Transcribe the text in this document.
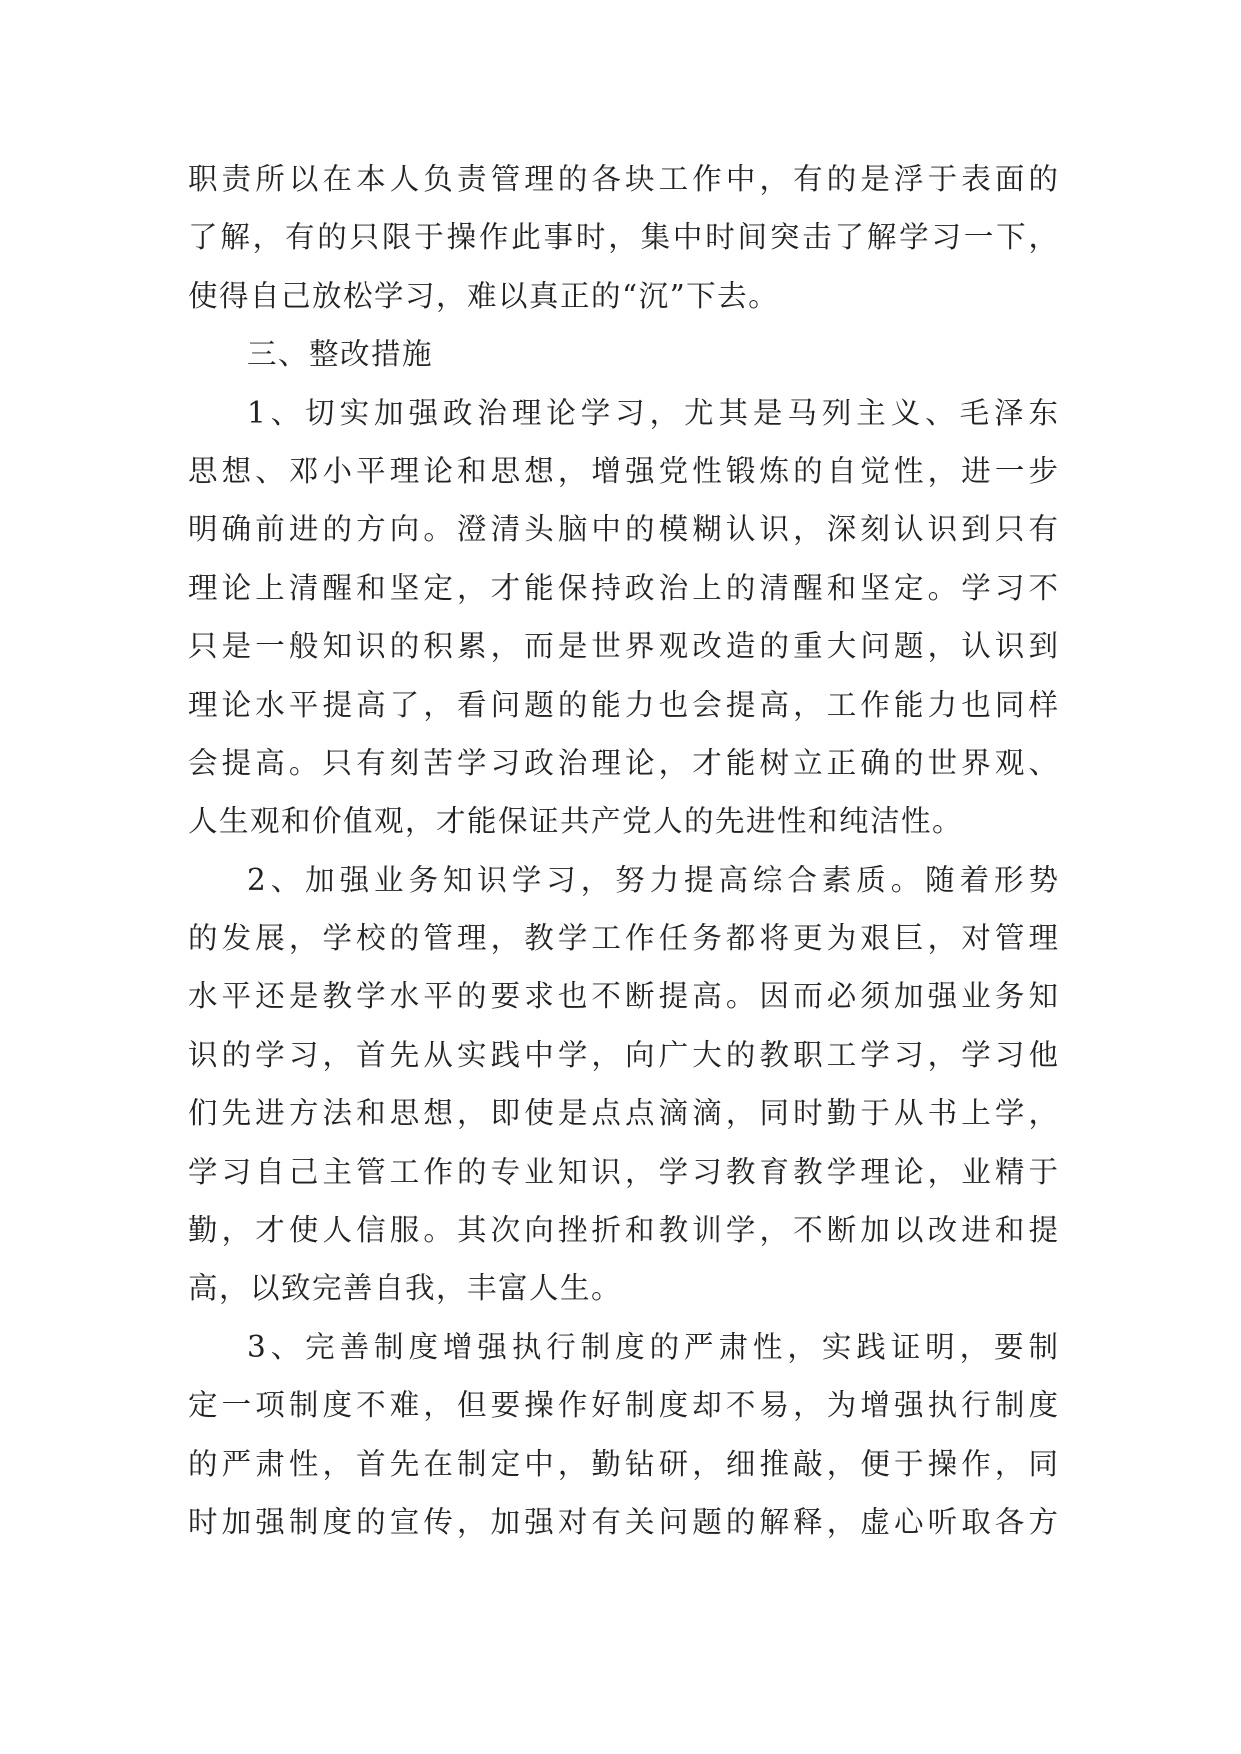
职责所以在本人负责管理的各块工作中，有的是浮于表面的
了解，有的只限于操作此事时，集中时间突击了解学习一下，
使得自己放松学习，难以真正的“沉”下去。
三、整改措施
1、切实加强政治理论学习，尤其是马列主义、毛泽东
思想、邓小平理论和思想，增强党性锻炼的自觉性，进一步
明确前进的方向。澄清头脑中的模糊认识，深刻认识到只有
理论上清醒和坚定，才能保持政治上的清醒和坚定。学习不
只是一般知识的积累，而是世界观改造的重大问题，认识到
理论水平提高了，看问题的能力也会提高，工作能力也同样
会提高。只有刻苦学习政治理论，才能树立正确的世界观、
人生观和价值观，才能保证共产党人的先进性和纯洁性。
2、加强业务知识学习，努力提高综合素质。随着形势
的发展，学校的管理，教学工作任务都将更为艰巨，对管理
水平还是教学水平的要求也不断提高。因而必须加强业务知
识的学习，首先从实践中学，向广大的教职工学习，学习他
们先进方法和思想，即使是点点滴滴，同时勤于从书上学，
学习自己主管工作的专业知识，学习教育教学理论，业精于
勤，才使人信服。其次向挫折和教训学，不断加以改进和提
高，以致完善自我，丰富人生。
3、完善制度增强执行制度的严肃性，实践证明，要制
定一项制度不难，但要操作好制度却不易，为增强执行制度
的严肃性，首先在制定中，勤钻研，细推敲，便于操作，同
时加强制度的宣传，加强对有关问题的解释，虚心听取各方
